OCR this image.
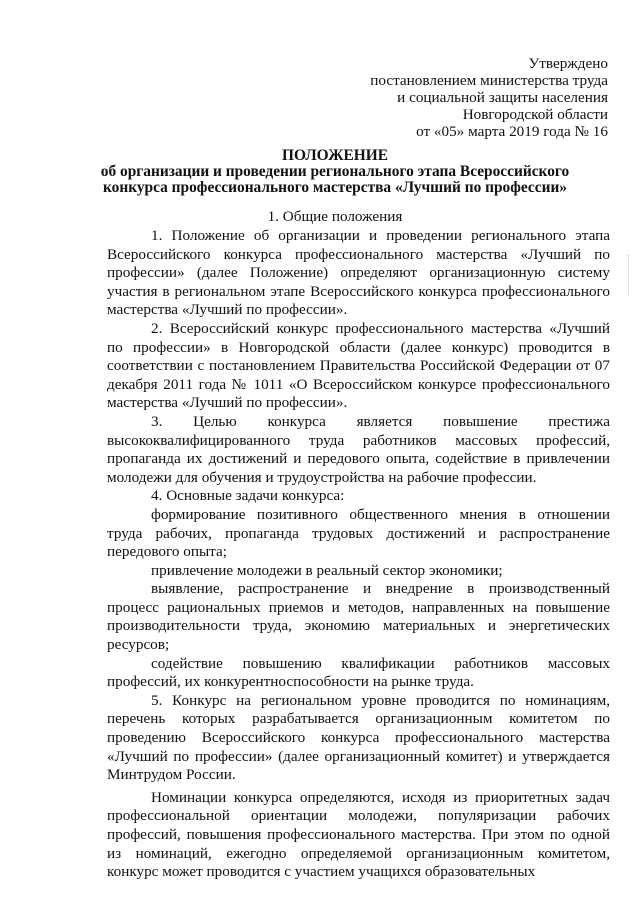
Утверждено
постановлением министерства труда
и социальной защиты населения
Новгородской области
от «05» марта 2019 года № 16
ПОЛОЖЕНИЕ
об организации и проведении регионального этапа Всероссийского
конкурса профессионального мастерства «Лучший по профессии»
1. Общие положения

1. Положение об организации и проведении регионального этапа Всероссийского конкурса профессионального мастерства «Лучший по профессии» (далее Положение) определяют организационную систему участия в региональном этапе Всероссийского конкурса профессионального мастерства «Лучший по профессии».

2. Всероссийский конкурс профессионального мастерства «Лучший по профессии» в Новгородской области (далее конкурс) проводится в соответствии с постановлением Правительства Российской Федерации от 07 декабря 2011 года № 1011 «О Всероссийском конкурсе профессионального мастерства «Лучший по профессии».

3. Целью конкурса является повышение престижа высококвалифицированного труда работников массовых профессий, пропаганда их достижений и передового опыта, содействие в привлечении молодежи для обучения и трудоустройства на рабочие профессии.

4. Основные задачи конкурса:

формирование позитивного общественного мнения в отношении труда рабочих, пропаганда трудовых достижений и распространение передового опыта;

привлечение молодежи в реальный сектор экономики;

выявление, распространение и внедрение в производственный процесс рациональных приемов и методов, направленных на повышение производительности труда, экономию материальных и энергетических ресурсов;

содействие повышению квалификации работников массовых профессий, их конкурентноспособности на рынке труда.

5. Конкурс на региональном уровне проводится по номинациям, перечень которых разрабатывается организационным комитетом по проведению Всероссийского конкурса профессионального мастерства «Лучший по профессии» (далее организационный комитет) и утверждается Минтрудом России.

Номинации конкурса определяются, исходя из приоритетных задач профессиональной ориентации молодежи, популяризации рабочих профессий, повышения профессионального мастерства. При этом по одной из номинаций, ежегодно определяемой организационным комитетом, конкурс может проводится с участием учащихся образовательных
